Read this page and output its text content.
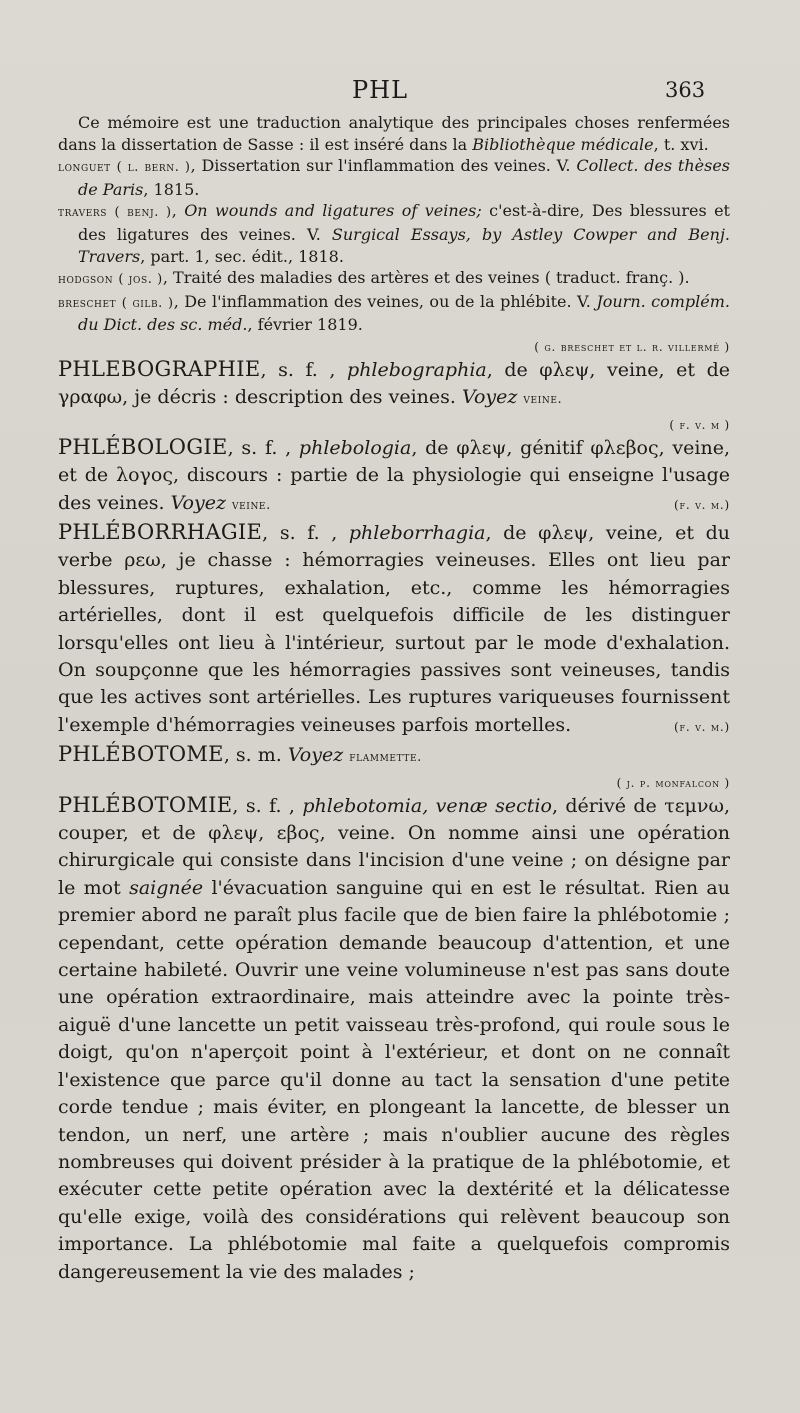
PHL	363

Ce mémoire est une traduction analytique des principales choses renfermées dans la dissertation de Sasse : il est inséré dans la Bibliothèque médicale, t. xvi.

longuet ( l. bern. ), Dissertation sur l'inflammation des veines. V. Collect. des thèses de Paris, 1815.

travers ( benj. ), On wounds and ligatures of veines; c'est-à-dire, Des blessures et des ligatures des veines. V. Surgical Essays, by Astley Cowper and Benj. Travers, part. 1, sec. édit., 1818.

hodgson ( jos. ), Traité des maladies des artères et des veines ( traduct. franç. ).

breschet ( gilb. ), De l'inflammation des veines, ou de la phlébite. V. Journ. complém. du Dict. des sc. méd., février 1819.

( g. breschet et l. r. villermé )

PHLEBOGRAPHIE, s. f. , phlebographia, de φλεψ, veine, et de γραφω, je décris : description des veines. Voyez veine.

( f. v. m )

PHLÉBOLOGIE, s. f. , phlebologia, de φλεψ, génitif φλεβος, veine, et de λογος, discours : partie de la physiologie qui enseigne l'usage des veines. Voyez veine.	(f. v. m.)

PHLÉBORRHAGIE, s. f. , phleborrhagia, de φλεψ, veine, et du verbe ρεω, je chasse : hémorragies veineuses. Elles ont lieu par blessures, ruptures, exhalation, etc., comme les hémorragies artérielles, dont il est quelquefois difficile de les distinguer lorsqu'elles ont lieu à l'intérieur, surtout par le mode d'exhalation. On soupçonne que les hémorragies passives sont veineuses, tandis que les actives sont artérielles. Les ruptures variqueuses fournissent l'exemple d'hémorragies veineuses parfois mortelles.	(f. v. m.)

PHLÉBOTOME, s. m. Voyez flammette.

( j. p. monfalcon )

PHLÉBOTOMIE, s. f. , phlebotomia, venæ sectio, dérivé de τεμνω, couper, et de φλεψ, εβος, veine. On nomme ainsi une opération chirurgicale qui consiste dans l'incision d'une veine ; on désigne par le mot saignée l'évacuation sanguine qui en est le résultat. Rien au premier abord ne paraît plus facile que de bien faire la phlébotomie ; cependant, cette opération demande beaucoup d'attention, et une certaine habileté. Ouvrir une veine volumineuse n'est pas sans doute une opération extraordinaire, mais atteindre avec la pointe très-aiguë d'une lancette un petit vaisseau très-profond, qui roule sous le doigt, qu'on n'aperçoit point à l'extérieur, et dont on ne connaît l'existence que parce qu'il donne au tact la sensation d'une petite corde tendue ; mais éviter, en plongeant la lancette, de blesser un tendon, un nerf, une artère ; mais n'oublier aucune des règles nombreuses qui doivent présider à la pratique de la phlébotomie, et exécuter cette petite opération avec la dextérité et la délicatesse qu'elle exige, voilà des considérations qui relèvent beaucoup son importance. La phlébotomie mal faite a quelquefois compromis dangereusement la vie des malades ;
